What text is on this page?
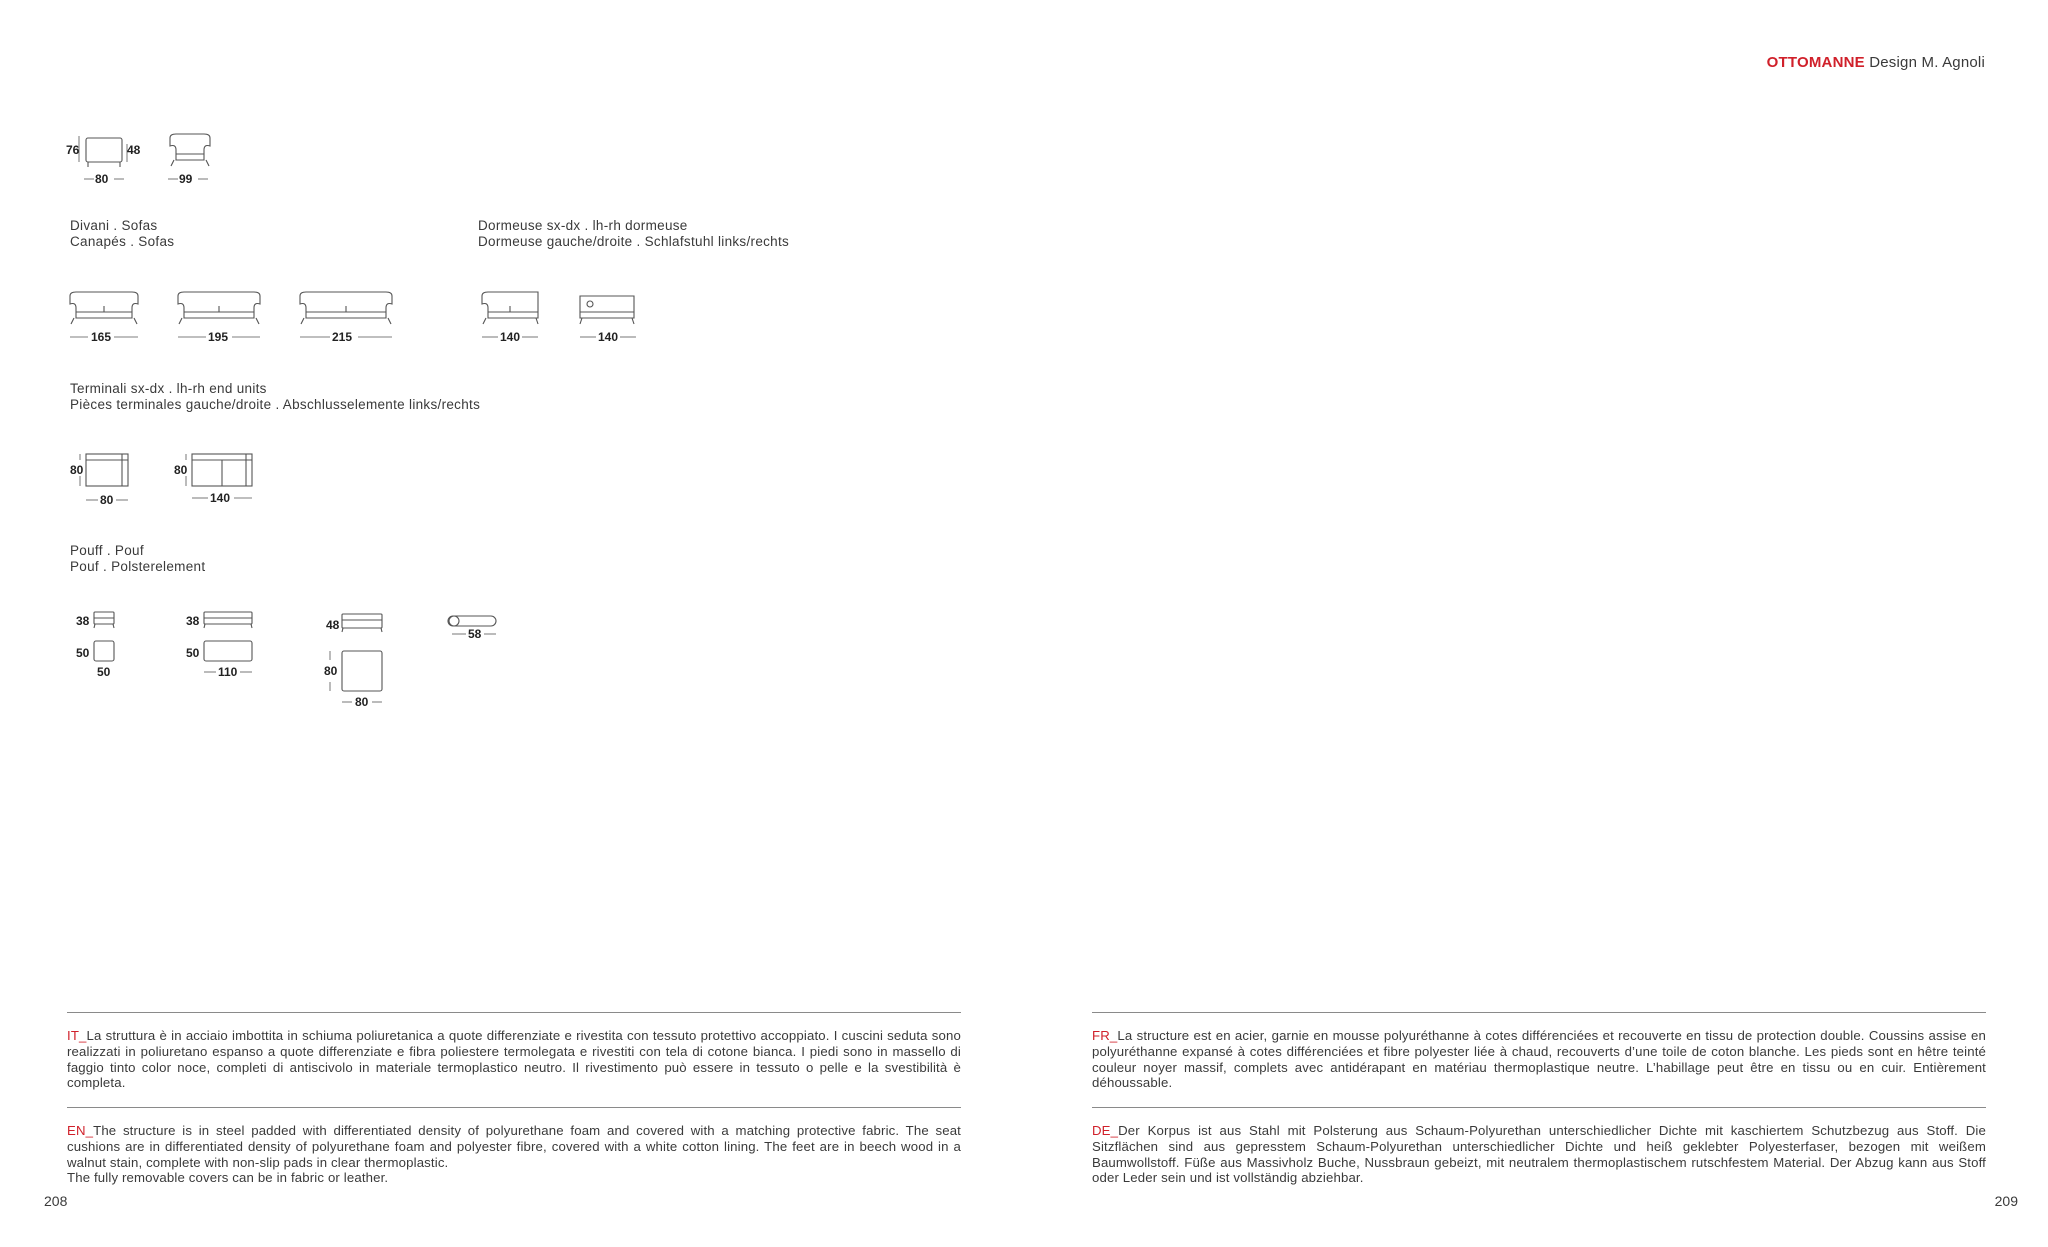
OTTOMANNE Design M. Agnoli
76	48
80	99
Divani . Sofas
Canapés . Sofas
Dormeuse sx-dx . lh-rh dormeuse
Dormeuse gauche/droite . Schlafstuhl links/rechts
165	195	215	140	140
Terminali sx-dx . lh-rh end units
Pièces terminales gauche/droite . Abschlusselemente links/rechts
80
80
80
140
Pouff . Pouf
Pouf . Polsterelement
38
50
50
38
50
110
48
80
80
58
IT_La struttura è in acciaio imbottita in schiuma poliuretanica a quote differenziate e rivestita con tessuto protettivo accoppiato. I cuscini seduta sono realizzati in poliuretano espanso a quote differenziate e fibra poliestere termolegata e rivestiti con tela di cotone bianca. I piedi sono in massello di faggio tinto color noce, completi di antiscivolo in materiale termoplastico neutro. Il rivestimento può essere in tessuto o pelle e la svestibilità è completa.
EN_The structure is in steel padded with differentiated density of polyurethane foam and covered with a matching protective fabric. The seat cushions are in differentiated density of polyurethane foam and polyester fibre, covered with a white cotton lining. The feet are in beech wood in a walnut stain, complete with non-slip pads in clear thermoplastic.
The fully removable covers can be in fabric or leather.
208
FR_La structure est en acier, garnie en mousse polyuréthanne à cotes différenciées et recouverte en tissu de protection double. Coussins assise en polyuréthanne expansé à cotes différenciées et fibre polyester liée à chaud, recouverts d’une toile de coton blanche. Les pieds sont en hêtre teinté couleur noyer massif, complets avec antidérapant en matériau thermoplastique neutre. L’habillage peut être en tissu ou en cuir. Entièrement déhoussable.
DE_Der Korpus ist aus Stahl mit Polsterung aus Schaum-Polyurethan unterschiedlicher Dichte mit kaschiertem Schutzbezug aus Stoff. Die Sitzflächen sind aus gepresstem Schaum-Polyurethan unterschiedlicher Dichte und heiß geklebter Polyesterfaser, bezogen mit weißem Baumwollstoff. Füße aus Massivholz Buche, Nussbraun gebeizt, mit neutralem thermoplastischem rutschfestem Material. Der Abzug kann aus Stoff oder Leder sein und ist vollständig abziehbar.
209
